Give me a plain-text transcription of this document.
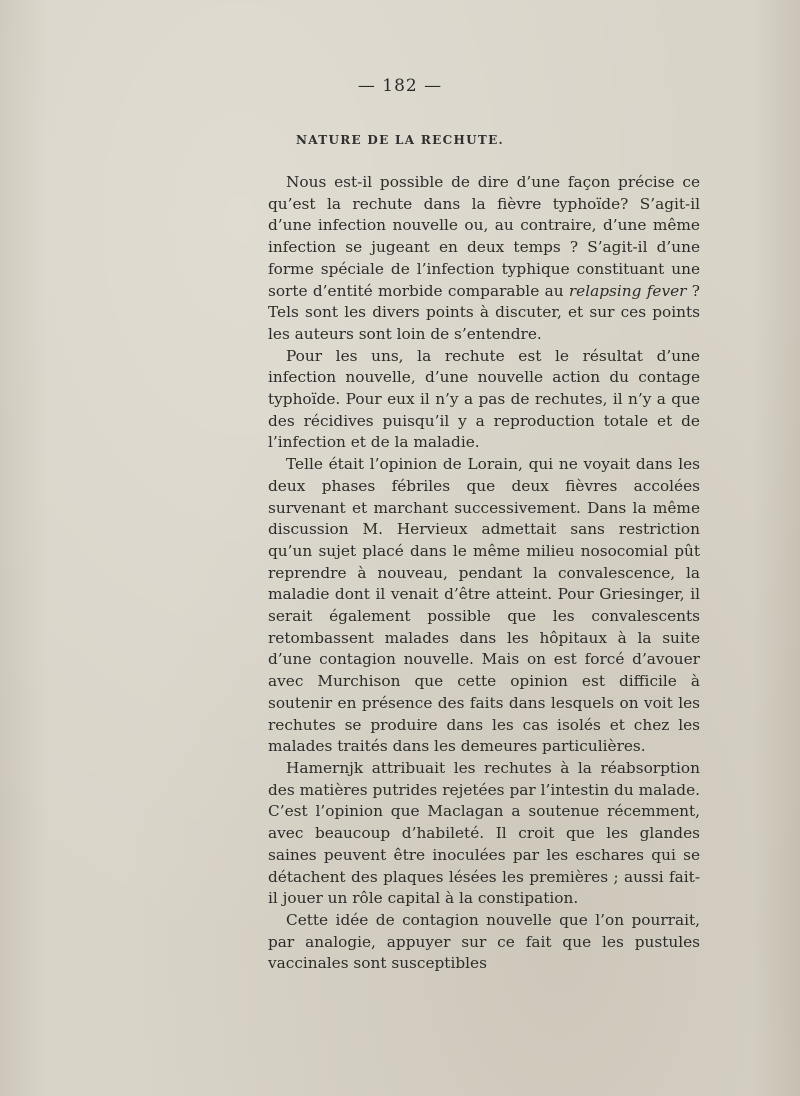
— 182 —
NATURE DE LA RECHUTE.

Nous est-il possible de dire d’une façon précise ce qu’est la rechute dans la fièvre typhoïde? S’agit-il d’une infection nouvelle ou, au contraire, d’une même infection se jugeant en deux temps ? S’agit-il d’une forme spéciale de l’infection typhique constituant une sorte d’entité morbide comparable au relapsing fever ? Tels sont les divers points à discuter, et sur ces points les auteurs sont loin de s’entendre.

Pour les uns, la rechute est le résultat d’une infection nouvelle, d’une nouvelle action du contage typhoïde. Pour eux il n’y a pas de rechutes, il n’y a que des récidives puisqu’il y a reproduction totale et de l’infection et de la maladie.

Telle était l’opinion de Lorain, qui ne voyait dans les deux phases fébriles que deux fièvres accolées survenant et marchant successivement. Dans la même discussion M. Hervieux admettait sans restriction qu’un sujet placé dans le même milieu nosocomial pût reprendre à nouveau, pendant la convalescence, la maladie dont il venait d’être atteint. Pour Griesinger, il serait également possible que les convalescents retombassent malades dans les hôpitaux à la suite d’une contagion nouvelle. Mais on est forcé d’avouer avec Murchison que cette opinion est difficile à soutenir en présence des faits dans lesquels on voit les rechutes se produire dans les cas isolés et chez les malades traités dans les demeures particulières.

Hamernjk attribuait les rechutes à la réabsorption des matières putrides rejetées par l’intestin du malade. C’est l’opinion que Maclagan a soutenue récemment, avec beaucoup d’habileté. Il croit que les glandes saines peuvent être inoculées par les eschares qui se détachent des plaques lésées les premières ; aussi fait-il jouer un rôle capital à la constipation.

Cette idée de contagion nouvelle que l’on pourrait, par analogie, appuyer sur ce fait que les pustules vaccinales sont susceptibles
